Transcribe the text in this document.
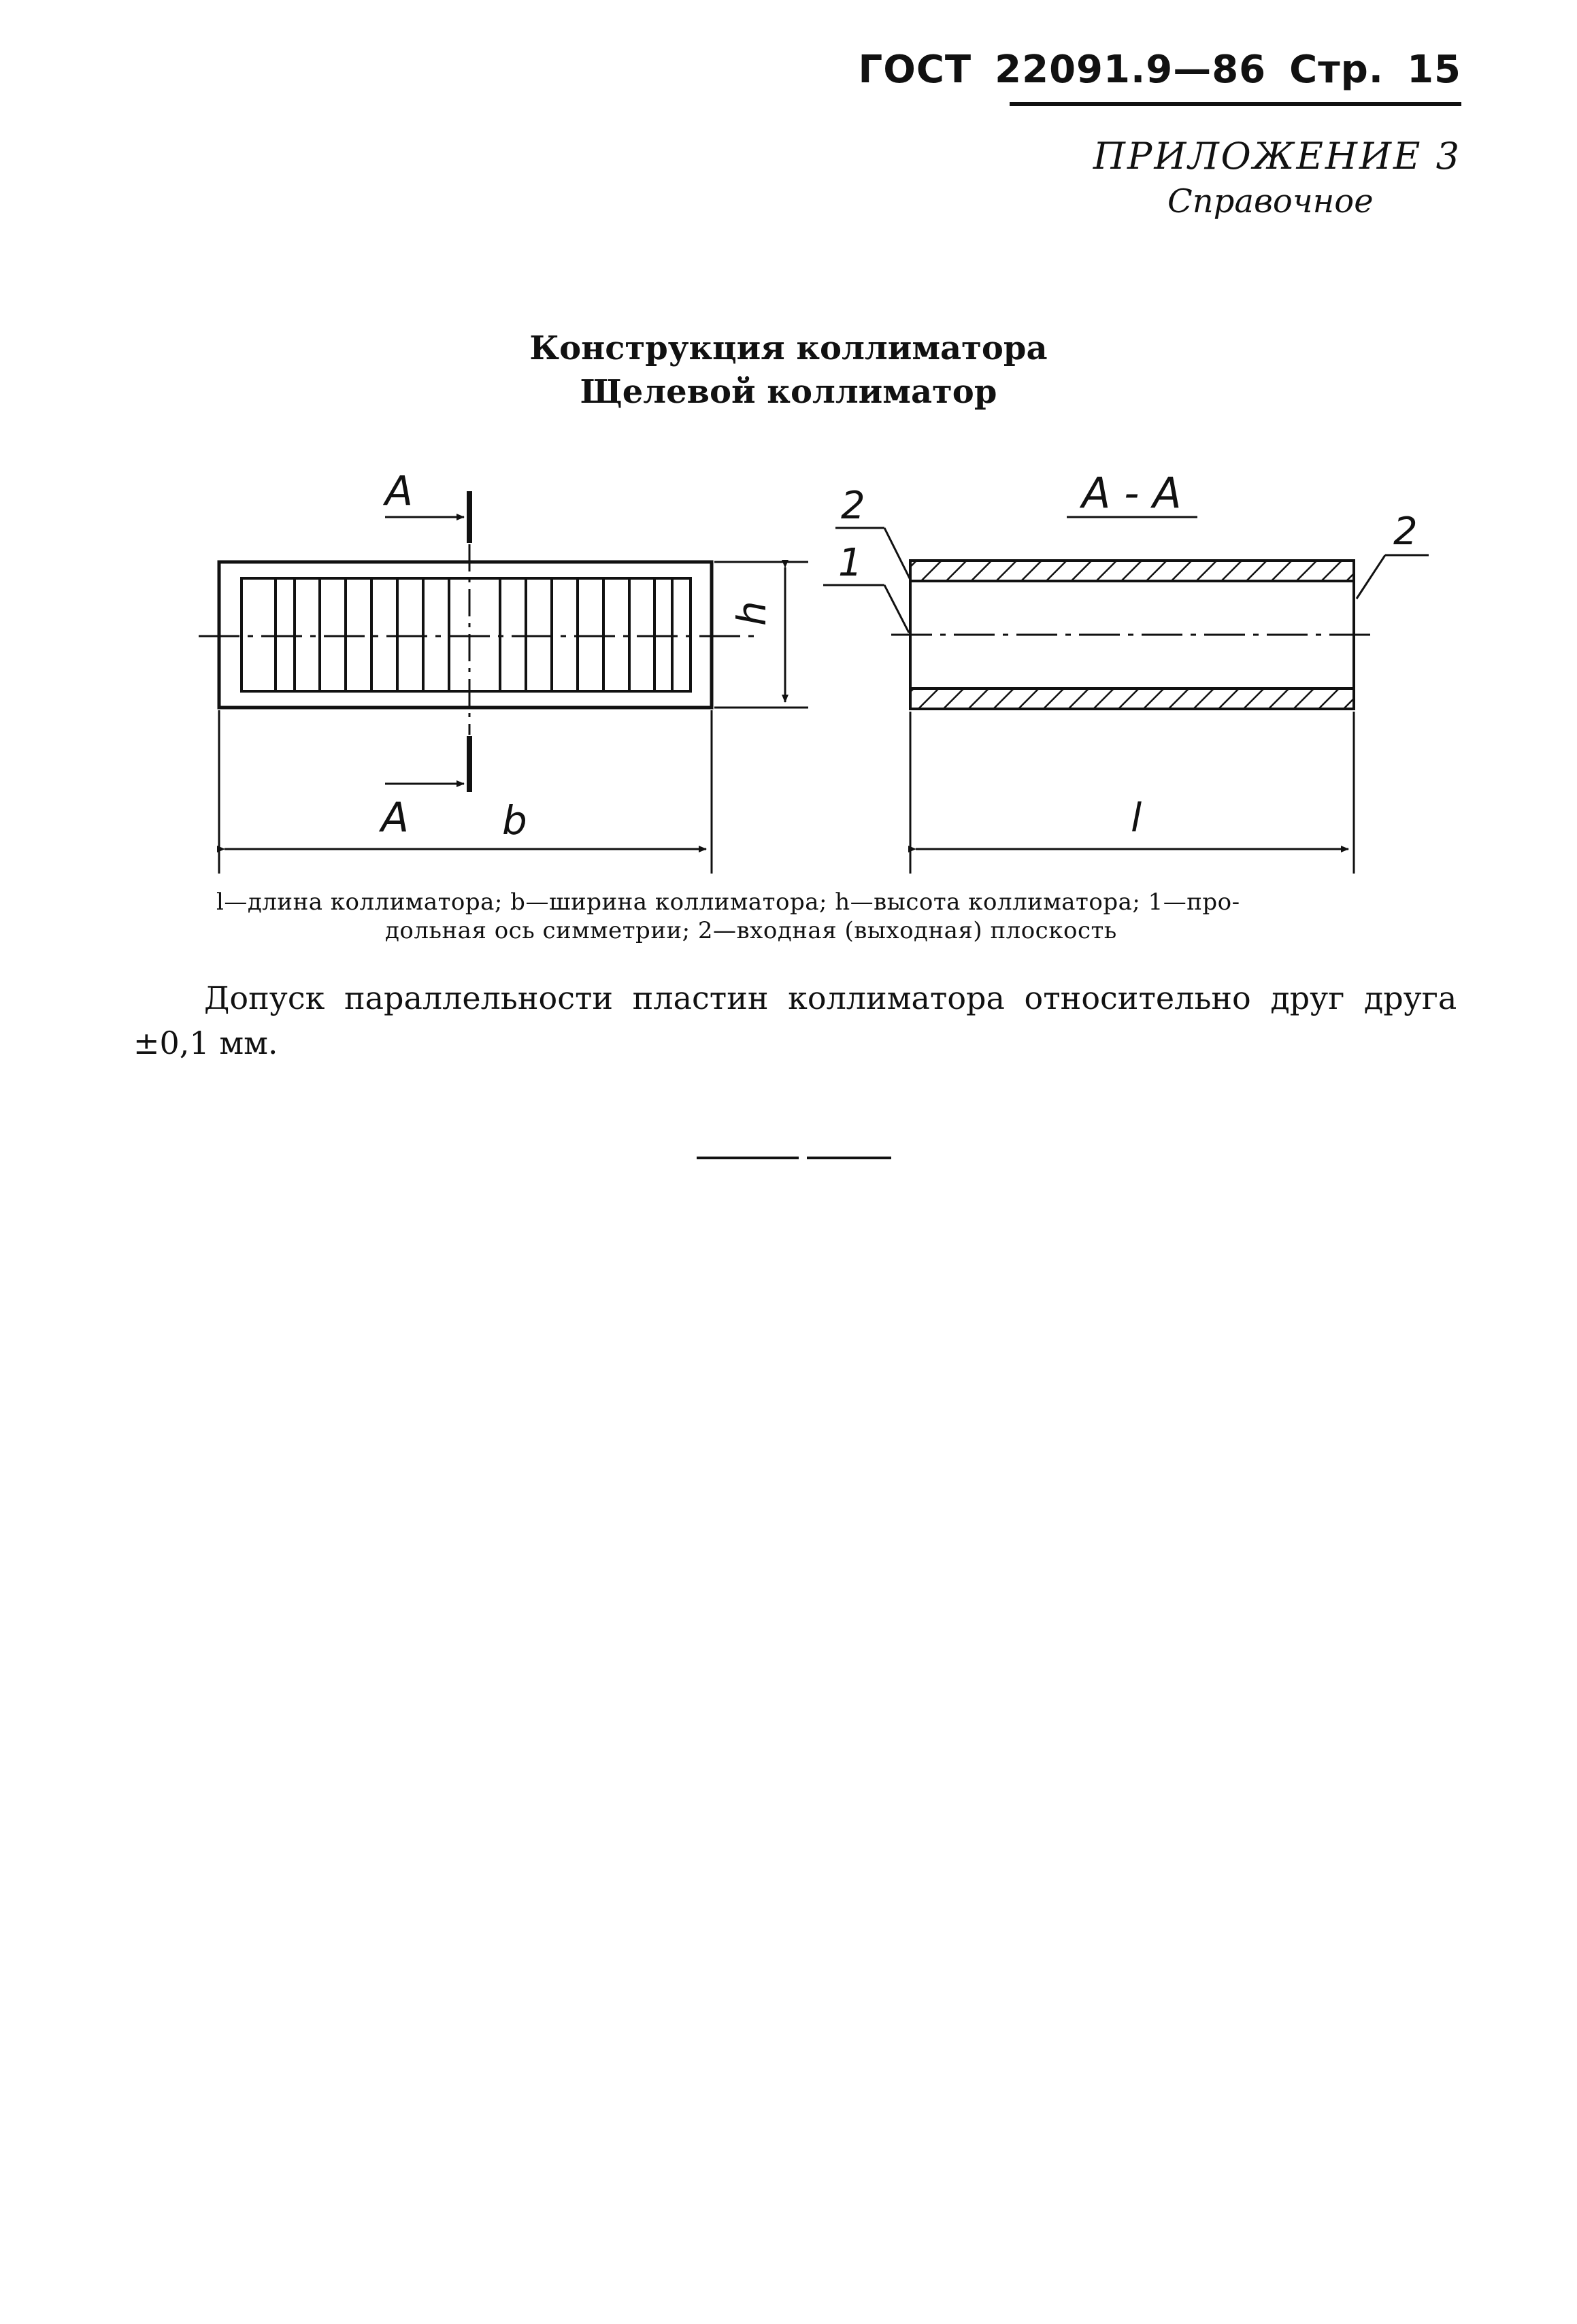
ГОСТ 22091.9—86 Стр. 15
ПРИЛОЖЕНИЕ 3
Справочное
Конструкция коллиматора
Щелевой коллиматор
A
A b
h
A - A
2
1
2
l
l—длина коллиматора; b—ширина коллиматора; h—высота коллиматора; 1—про-
дольная ось симметрии; 2—входная (выходная) плоскость
Допуск параллельности пластин коллиматора относительно друг друга
±0,1 мм.
